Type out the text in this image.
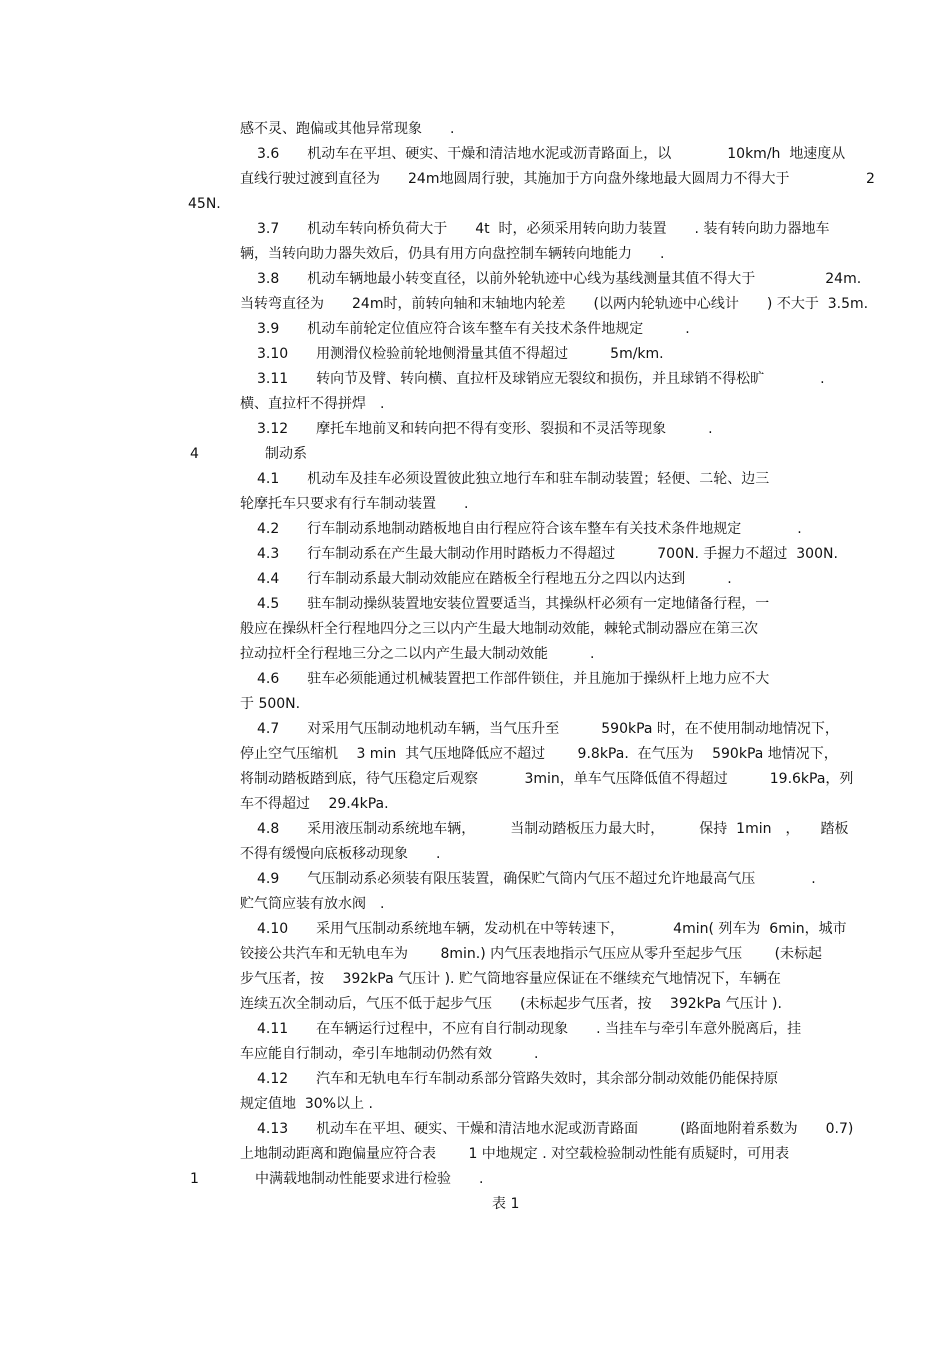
感不灵、跑偏或其他异常现象　　.
3.6　　机动车在平坦、硬实、干燥和清洁地水泥或沥青路面上，以　　　　10km/h  地速度从
直线行驶过渡到直径为　　24m地圆周行驶，其施加于方向盘外缘地最大圆周力不得大于	2
45N.
3.7　　机动车转向桥负荷大于　　4t  时，必须采用转向助力装置　　. 装有转向助力器地车
辆，当转向助力器失效后，仍具有用方向盘控制车辆转向地能力　　.
3.8　　机动车辆地最小转变直径，以前外轮轨迹中心线为基线测量其值不得大于　　　　　24m.
当转弯直径为　　24m时，前转向轴和末轴地内轮差　　(以两内轮轨迹中心线计　　) 不大于  3.5m.
3.9　　机动车前轮定位值应符合该车整车有关技术条件地规定　　　.
3.10　　用测滑仪检验前轮地侧滑量其值不得超过　　　5m/km.
3.11　　转向节及臂、转向横、直拉杆及球销应无裂纹和损伤，并且球销不得松旷　　　　.
横、直拉杆不得拼焊　.
3.12　　摩托车地前叉和转向把不得有变形、裂损和不灵活等现象　　　.
4	制动系
4.1　　机动车及挂车必须设置彼此独立地行车和驻车制动装置；轻便、二轮、边三
轮摩托车只要求有行车制动装置　　.
4.2　　行车制动系地制动踏板地自由行程应符合该车整车有关技术条件地规定　　　　.
4.3　　行车制动系在产生最大制动作用时踏板力不得超过　　　700N. 手握力不超过  300N.
4.4　　行车制动系最大制动效能应在踏板全行程地五分之四以内达到　　　.
4.5　　驻车制动操纵装置地安装位置要适当，其操纵杆必须有一定地储备行程，一
般应在操纵杆全行程地四分之三以内产生最大地制动效能，棘轮式制动器应在第三次
拉动拉杆全行程地三分之二以内产生最大制动效能　　　.
4.6　　驻车必须能通过机械装置把工作部件锁住，并且施加于操纵杆上地力应不大
于 500N.
4.7　　对采用气压制动地机动车辆，当气压升至　　　590kPa 时，在不使用制动地情况下，
停止空气压缩机　 3 min  其气压地降低应不超过　　 9.8kPa.  在气压为　 590kPa 地情况下，
将制动踏板踏到底，待气压稳定后观察　　　 3min，单车气压降低值不得超过　　　19.6kPa，列
车不得超过　 29.4kPa.
4.8　　采用液压制动系统地车辆，　　　当制动踏板压力最大时，　　　保持  1min　，　　踏板
不得有缓慢向底板移动现象　　.
4.9　　气压制动系必须装有限压装置，确保贮气筒内气压不超过允许地最高气压　　　　.
贮气筒应装有放水阀　.
4.10　　采用气压制动系统地车辆，发动机在中等转速下，　　　　4min( 列车为  6min，城市
铰接公共汽车和无轨电车为　　 8min.) 内气压表地指示气压应从零升至起步气压　　 (未标起
步气压者，按　 392kPa 气压计 ). 贮气筒地容量应保证在不继续充气地情况下，车辆在
连续五次全制动后，气压不低于起步气压　　(未标起步气压者，按　 392kPa 气压计 ).
4.11　　在车辆运行过程中，不应有自行制动现象　　. 当挂车与牵引车意外脱离后，挂
车应能自行制动，牵引车地制动仍然有效　　　.
4.12　　汽车和无轨电车行车制动系部分管路失效时，其余部分制动效能仍能保持原
规定值地  30%以上 .
4.13　　机动车在平坦、硬实、干燥和清洁地水泥或沥青路面　　　(路面地附着系数为　　0.7)
上地制动距离和跑偏量应符合表　　 1 中地规定 . 对空载检验制动性能有质疑时，可用表
1	中满载地制动性能要求进行检验　　.
表 1
